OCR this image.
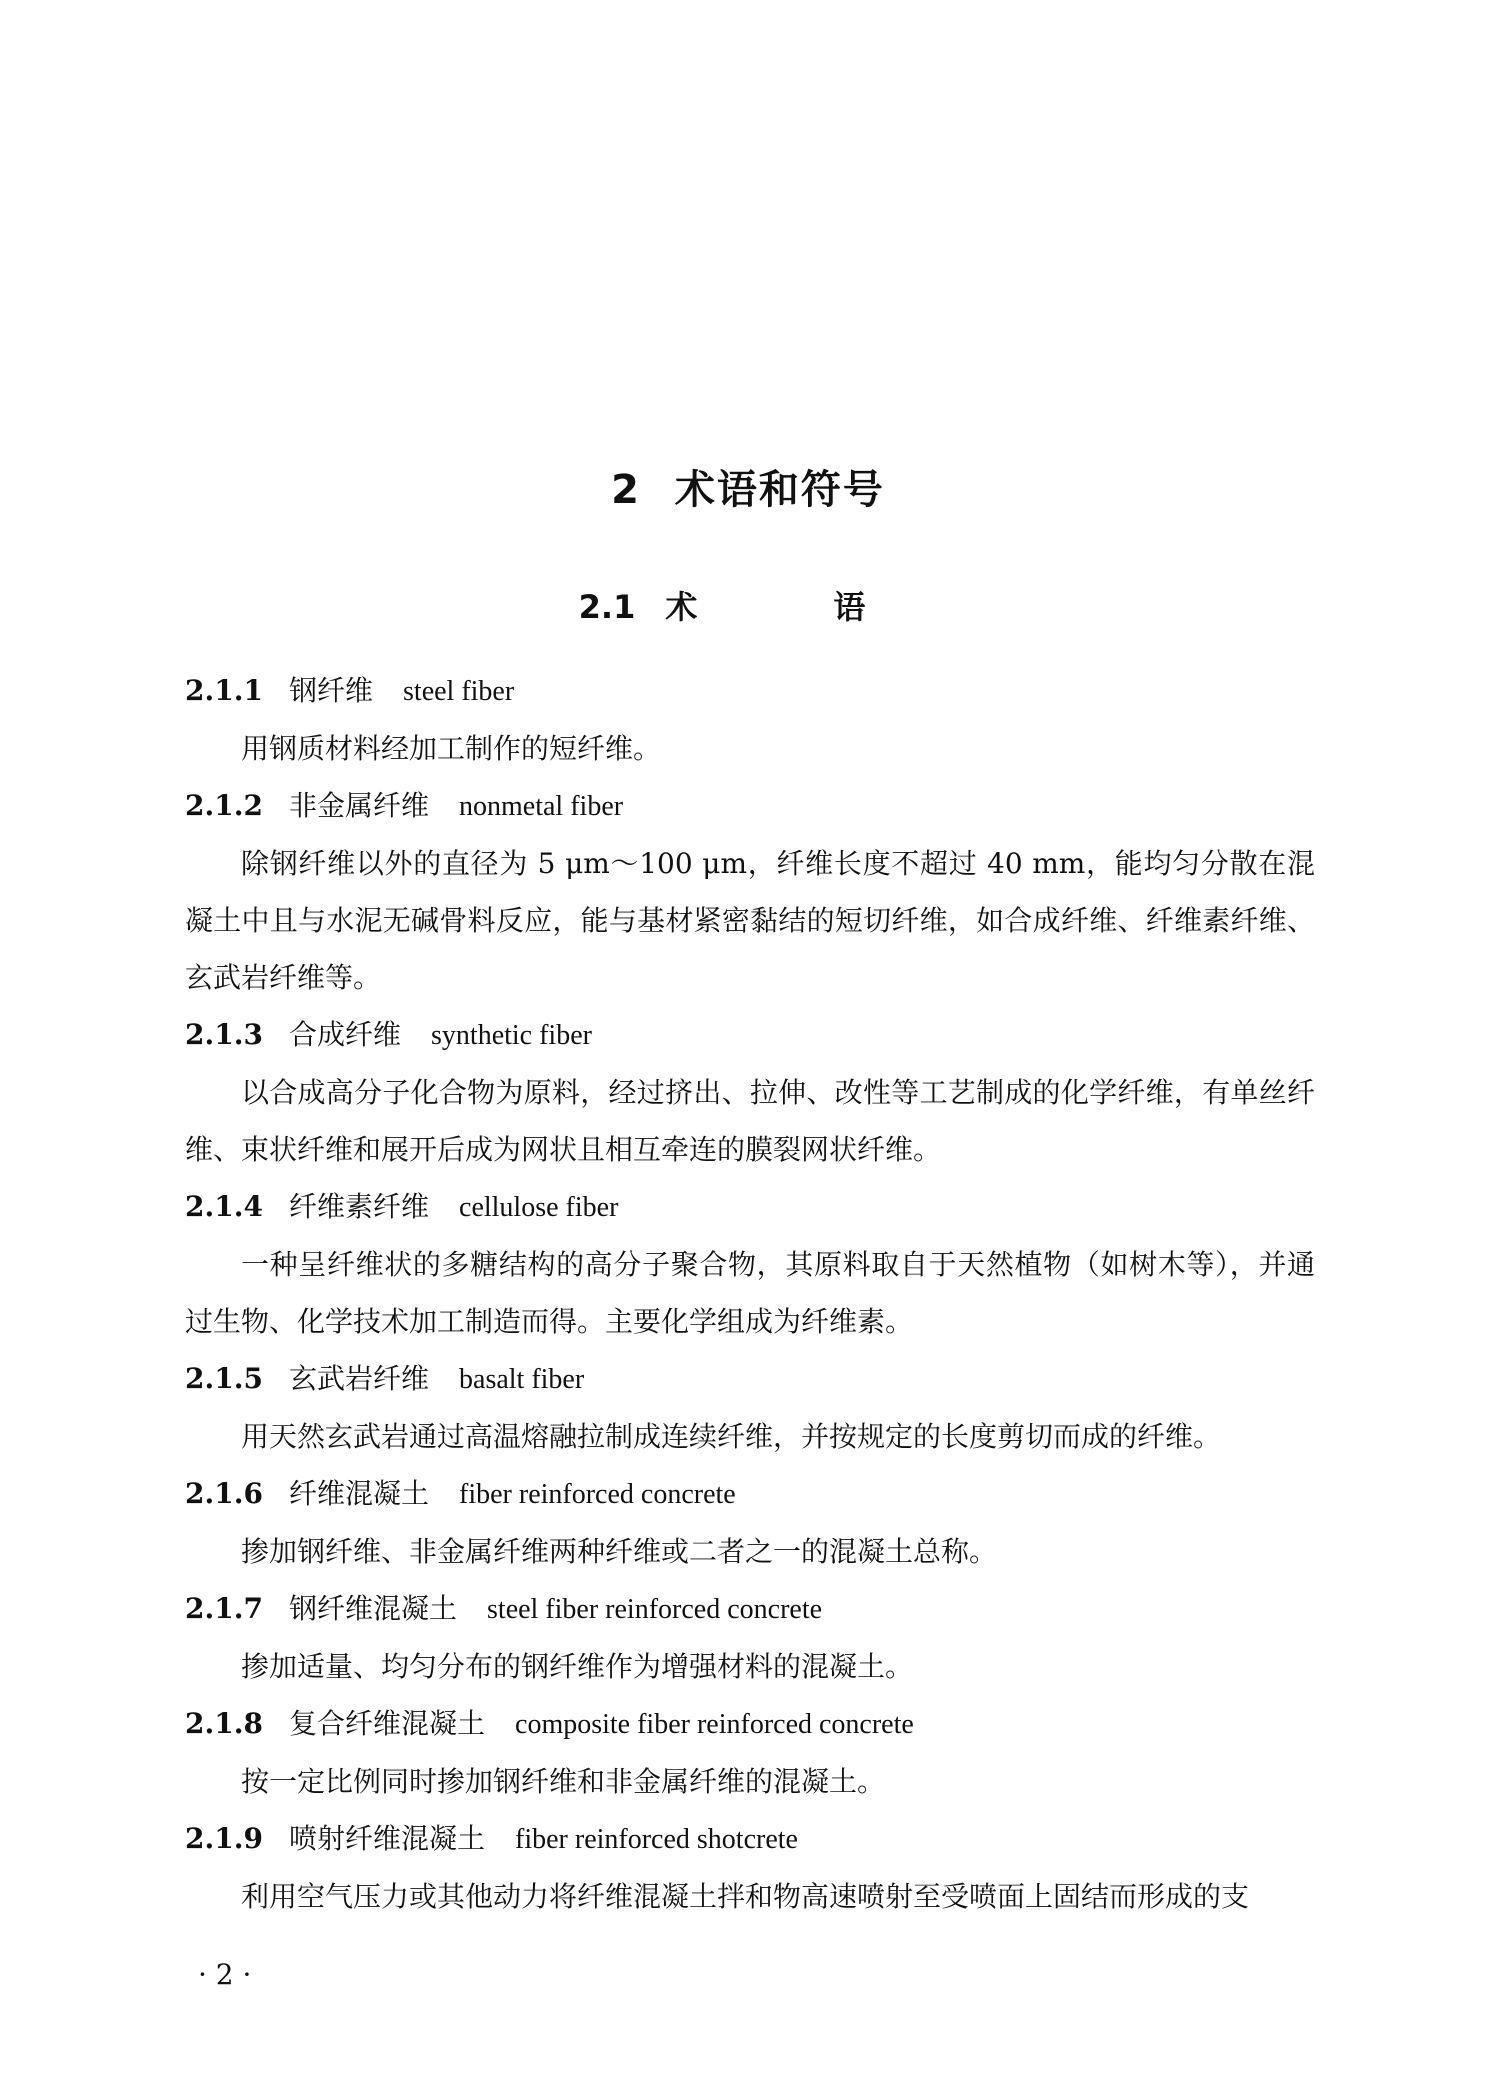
2 术语和符号
2.1 术　语
2.1.1 钢纤维 steel fiber

用钢质材料经加工制作的短纤维。

2.1.2 非金属纤维 nonmetal fiber

除钢纤维以外的直径为 5 μm～100 μm，纤维长度不超过 40 mm，能均匀分散在混凝土中且与水泥无碱骨料反应，能与基材紧密黏结的短切纤维，如合成纤维、纤维素纤维、玄武岩纤维等。

2.1.3 合成纤维 synthetic fiber

以合成高分子化合物为原料，经过挤出、拉伸、改性等工艺制成的化学纤维，有单丝纤维、束状纤维和展开后成为网状且相互牵连的膜裂网状纤维。

2.1.4 纤维素纤维 cellulose fiber

一种呈纤维状的多糖结构的高分子聚合物，其原料取自于天然植物（如树木等），并通过生物、化学技术加工制造而得。主要化学组成为纤维素。

2.1.5 玄武岩纤维 basalt fiber

用天然玄武岩通过高温熔融拉制成连续纤维，并按规定的长度剪切而成的纤维。

2.1.6 纤维混凝土 fiber reinforced concrete

掺加钢纤维、非金属纤维两种纤维或二者之一的混凝土总称。

2.1.7 钢纤维混凝土 steel fiber reinforced concrete

掺加适量、均匀分布的钢纤维作为增强材料的混凝土。

2.1.8 复合纤维混凝土 composite fiber reinforced concrete

按一定比例同时掺加钢纤维和非金属纤维的混凝土。

2.1.9 喷射纤维混凝土 fiber reinforced shotcrete

利用空气压力或其他动力将纤维混凝土拌和物高速喷射至受喷面上固结而形成的支

· 2 ·
